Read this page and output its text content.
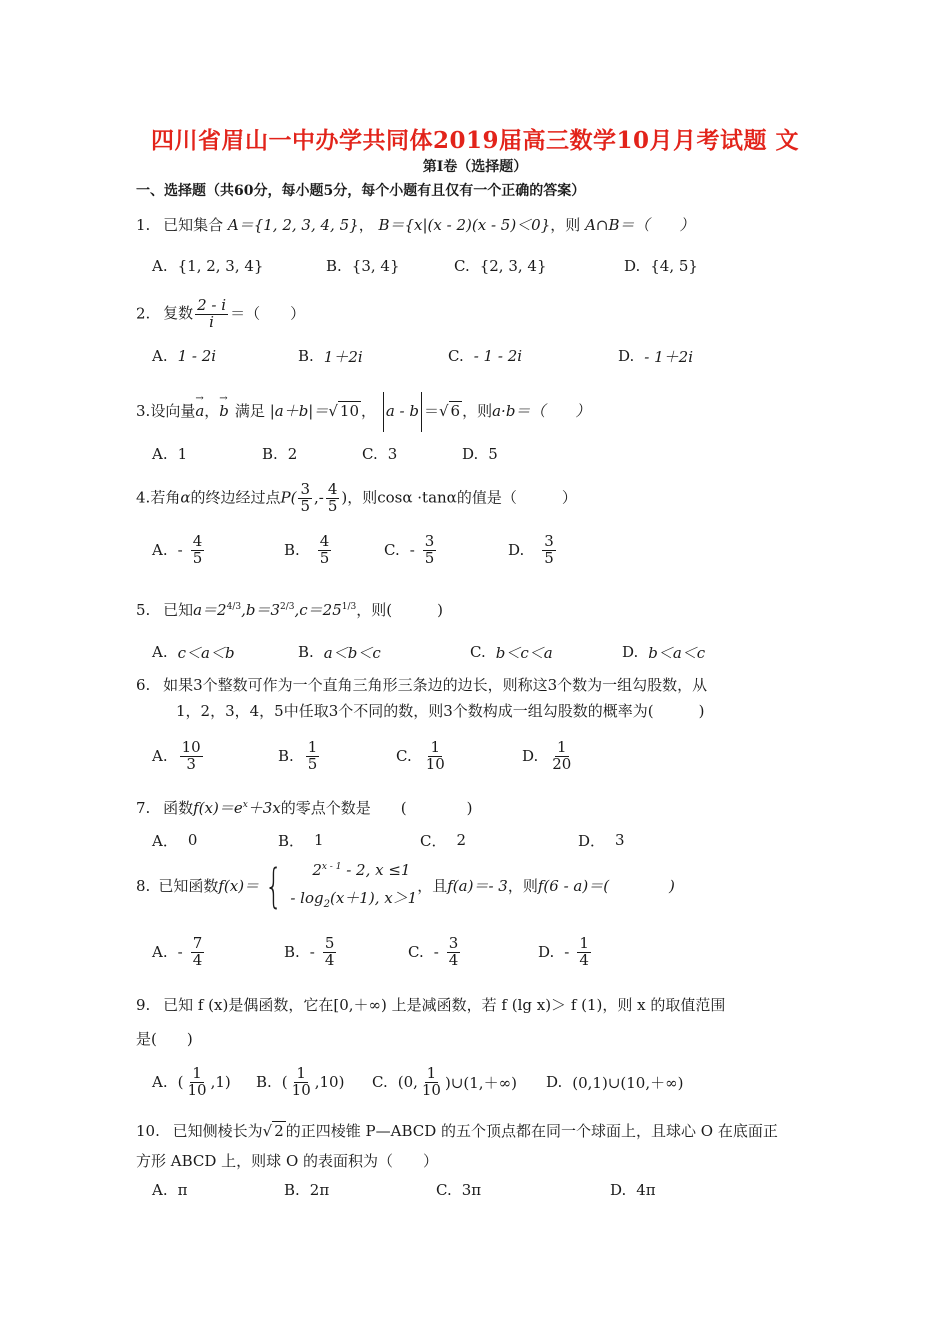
四川省眉山一中办学共同体2019届高三数学10月月考试题 文
第I卷（选择题）
一、选择题（共60分，每小题5分，每个小题有且仅有一个正确的答案）
1. 已知集合 A＝{1, 2, 3, 4, 5}， B＝{x|(x - 2)(x - 5)＜0}，则 A∩B＝（　　）
A. {1, 2, 3, 4}	B. {3, 4}	C. {2, 3, 4}	D. {4, 5}
2. 复数 $\frac{2 - i}{i}$ ＝（　　）
A. 1 - 2i	B. 1＋2i	C. - 1 - 2i	D. - 1＋2i
3.设向量→ a，→ b 满足 |a＋b|＝√ 10 ， a - b ＝√ 6 ，则a·b＝（　　）
A. 1	B. 2	C. 3	D. 5
4.若角α的终边经过点$P( \frac{3}{5}$ ,- $\frac{4}{5}$ )，则cosα ·tanα的值是（　　　）
A. - $\frac{4}{5}$	B. $\frac{4}{5}$	C. - $\frac{3}{5}$	D. $\frac{3}{5}$
5. 已知$a=2^{4/3},b=3^{2/3},c=25^{1/3}$，则(　　　)
A. c＜a＜b	B. a＜b＜c	C. b＜c＜a	D. b＜a＜c
6. 如果3个整数可作为一个直角三角形三条边的边长，则称这3个数为一组勾股数，从
1，2，3，4，5中任取3个不同的数，则3个数构成一组勾股数的概率为(　　　)
A. $\frac{10}{3}$	B. $\frac{1}{5}$	C. $\frac{1}{10}$	D. $\frac{1}{20}$
7. 函数$f(x)=e^x+3x$的零点个数是　　(　　　　)
A． 0	B． 1	C． 2	D． 3
8. 已知函数 f(x)＝ {	2$^{x - 1}$ - 2, x ≤1
- $\log_2(x+1)$, x＞1
，且 f(a)＝- 3 ，则 f(6 - a)＝(　　　　)
A. - $\frac{7}{4}$	B. - $\frac{5}{4}$	C. - $\frac{3}{4}$	D. - $\frac{1}{4}$
9. 已知 f (x)是偶函数，它在[0,＋∞) 上是减函数，若 f (lg x)＞ f (1)，则 x 的取值范围
是(　　)
A. ( $\frac{1}{10} ,1$) B. ( $\frac{1}{10} ,10$) C. (0, $\frac{1}{10}$ )∪(1,＋∞) D. (0,1)∪(10,＋∞)
10. 已知侧棱长为√ 2 的正四棱锥 P—ABCD 的五个顶点都在同一个球面上，且球心 O 在底面正
方形 ABCD 上，则球 O 的表面积为（　　）
A. π	B. 2π	C. 3π	D. 4π
